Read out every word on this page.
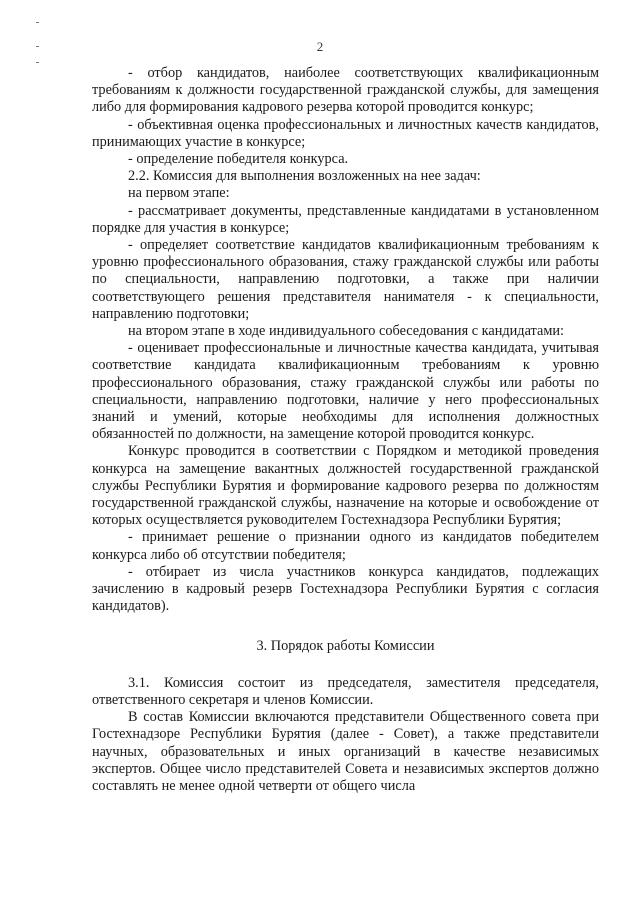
2

- отбор кандидатов, наиболее соответствующих квалификационным требованиям к должности государственной гражданской службы, для замещения либо для формирования кадрового резерва которой проводится конкурс;

- объективная оценка профессиональных и личностных качеств кандидатов, принимающих участие в конкурсе;

- определение победителя конкурса.

2.2. Комиссия для выполнения возложенных на нее задач:

на первом этапе:

- рассматривает документы, представленные кандидатами в установленном порядке для участия в конкурсе;

- определяет соответствие кандидатов квалификационным требованиям к уровню профессионального образования, стажу гражданской службы или работы по специальности, направлению подготовки, а также при наличии соответствующего решения представителя нанимателя - к специальности, направлению подготовки;

на втором этапе в ходе индивидуального собеседования с кандидатами:

- оценивает профессиональные и личностные качества кандидата, учитывая соответствие кандидата квалификационным требованиям к уровню профессионального образования, стажу гражданской службы или работы по специальности, направлению подготовки, наличие у него профессиональных знаний и умений, которые необходимы для исполнения должностных обязанностей по должности, на замещение которой проводится конкурс.

Конкурс проводится в соответствии с Порядком и методикой проведения конкурса на замещение вакантных должностей государственной гражданской службы Республики Бурятия и формирование кадрового резерва по должностям государственной гражданской службы, назначение на которые и освобождение от которых осуществляется руководителем Гостехнадзора Республики Бурятия;

- принимает решение о признании одного из кандидатов победителем конкурса либо об отсутствии победителя;

- отбирает из числа участников конкурса кандидатов, подлежащих зачислению в кадровый резерв Гостехнадзора Республики Бурятия с согласия кандидатов).

3. Порядок работы Комиссии

3.1. Комиссия состоит из председателя, заместителя председателя, ответственного секретаря и членов Комиссии.

В состав Комиссии включаются представители Общественного совета при Гостехнадзоре Республики Бурятия (далее - Совет), а также представители научных, образовательных и иных организаций в качестве независимых экспертов. Общее число представителей Совета и независимых экспертов должно составлять не менее одной четверти от общего числа
